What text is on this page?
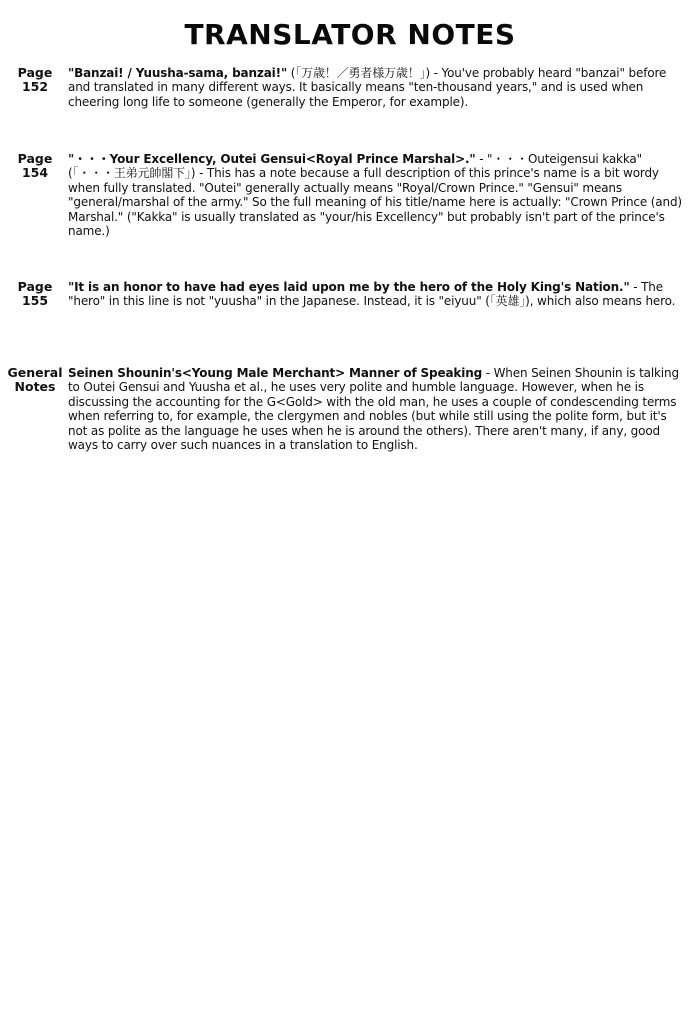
TRANSLATOR NOTES
Page
152
"Banzai! / Yuusha-sama, banzai!" (「万歳！／勇者様万歳！」) - You've probably heard "banzai" before and translated in many different ways. It basically means "ten-thousand years," and is used when cheering long life to someone (generally the Emperor, for example).
Page
154
"・・・Your Excellency, Outei Gensui<Royal Prince Marshal>." - "・・・Outeigensui kakka" (「・・・王弟元帥閣下」) - This has a note because a full description of this prince's name is a bit wordy when fully translated. "Outei" generally actually means "Royal/Crown Prince." "Gensui" means "general/marshal of the army." So the full meaning of his title/name here is actually: "Crown Prince (and) Marshal." ("Kakka" is usually translated as "your/his Excellency" but probably isn't part of the prince's name.)
Page
155
"It is an honor to have had eyes laid upon me by the hero of the Holy King's Nation." - The "hero" in this line is not "yuusha" in the Japanese. Instead, it is "eiyuu" (「英雄」), which also means hero.
General
Notes
Seinen Shounin's<Young Male Merchant> Manner of Speaking - When Seinen Shounin is talking to Outei Gensui and Yuusha et al., he uses very polite and humble language. However, when he is discussing the accounting for the G<Gold> with the old man, he uses a couple of condescending terms when referring to, for example, the clergymen and nobles (but while still using the polite form, but it's not as polite as the language he uses when he is around the others). There aren't many, if any, good ways to carry over such nuances in a translation to English.
